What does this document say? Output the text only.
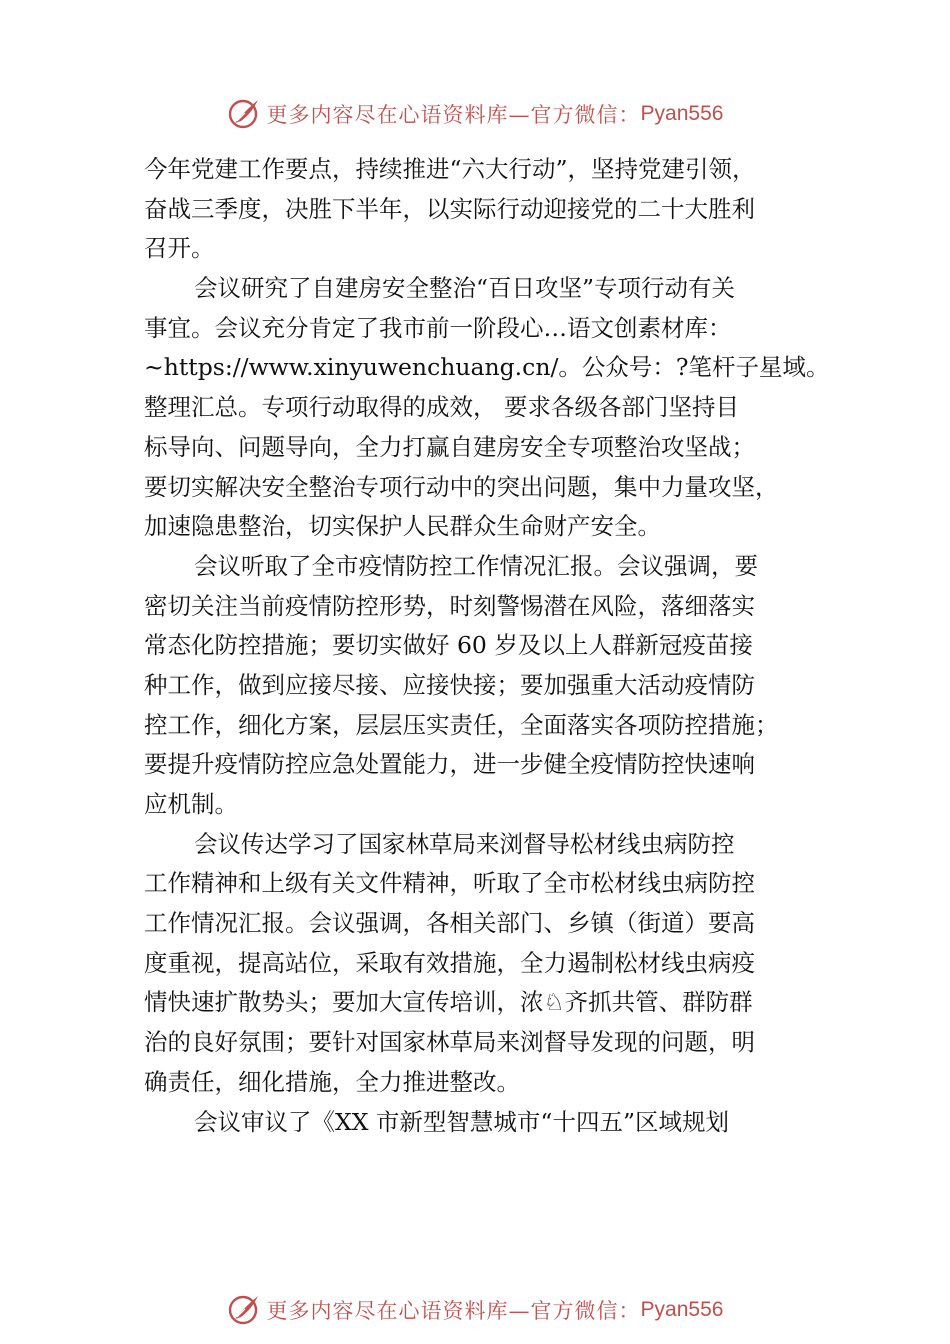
更多内容尽在心语资料库—官方微信： Pyan556
今年党建工作要点，持续推进“六大行动”，坚持党建引领，
奋战三季度，决胜下半年，以实际行动迎接党的二十大胜利
召开。
会议研究了自建房安全整治“百日攻坚”专项行动有关
事宜。会议充分肯定了我市前一阶段心…语文创素材库：
~https://www.xinyuwenchuang.cn/。公众号：?笔杆子星域。
整理汇总。专项行动取得的成效， 要求各级各部门坚持目
标导向、问题导向，全力打赢自建房安全专项整治攻坚战；
要切实解决安全整治专项行动中的突出问题，集中力量攻坚，
加速隐患整治，切实保护人民群众生命财产安全。
会议听取了全市疫情防控工作情况汇报。会议强调，要
密切关注当前疫情防控形势，时刻警惕潜在风险，落细落实
常态化防控措施；要切实做好 60 岁及以上人群新冠疫苗接
种工作，做到应接尽接、应接快接；要加强重大活动疫情防
控工作，细化方案，层层压实责任，全面落实各项防控措施；
要提升疫情防控应急处置能力，进一步健全疫情防控快速响
应机制。
会议传达学习了国家林草局来浏督导松材线虫病防控
工作精神和上级有关文件精神，听取了全市松材线虫病防控
工作情况汇报。会议强调，各相关部门、乡镇（街道）要高
度重视，提高站位，采取有效措施，全力遏制松材线虫病疫
情快速扩散势头；要加大宣传培训，浓♘齐抓共管、群防群
治的良好氛围；要针对国家林草局来浏督导发现的问题，明
确责任，细化措施，全力推进整改。
会议审议了《XX 市新型智慧城市“十四五”区域规划
更多内容尽在心语资料库—官方微信： Pyan556
